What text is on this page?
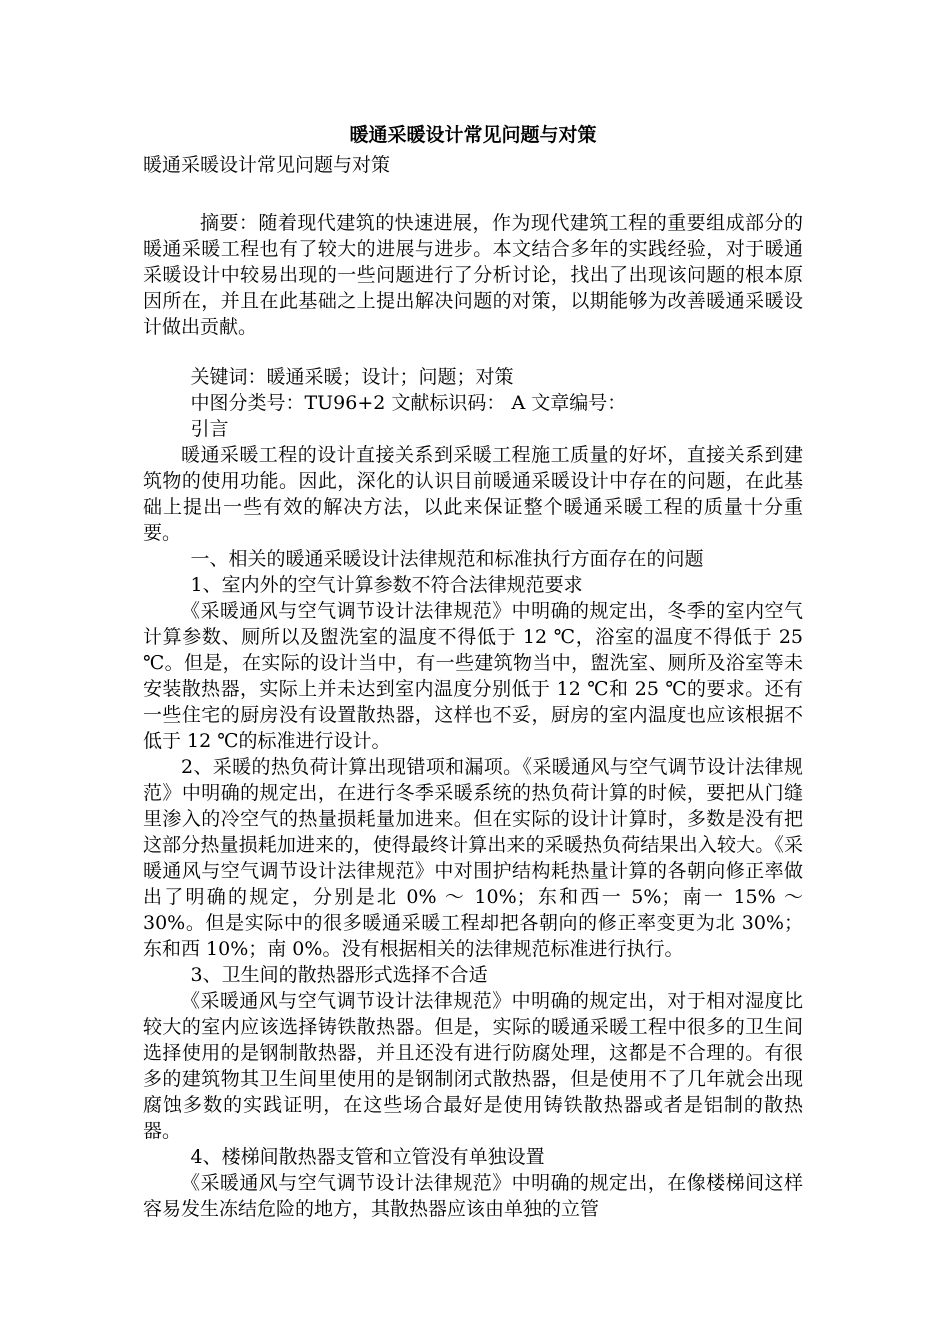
暖通采暖设计常见问题与对策
暖通采暖设计常见问题与对策

摘要：随着现代建筑的快速进展，作为现代建筑工程的重要组成部分的暖通采暖工程也有了较大的进展与进步。本文结合多年的实践经验，对于暖通采暖设计中较易出现的一些问题进行了分析讨论，找出了出现该问题的根本原因所在，并且在此基础之上提出解决问题的对策，以期能够为改善暖通采暖设计做出贡献。

关键词：暖通采暖；设计；问题；对策

中图分类号：TU96+2 文献标识码： A 文章编号：

引言

暖通采暖工程的设计直接关系到采暖工程施工质量的好坏，直接关系到建筑物的使用功能。因此，深化的认识目前暖通采暖设计中存在的问题，在此基础上提出一些有效的解决方法，以此来保证整个暖通采暖工程的质量十分重要。

一、相关的暖通采暖设计法律规范和标准执行方面存在的问题

1、室内外的空气计算参数不符合法律规范要求

《采暖通风与空气调节设计法律规范》中明确的规定出，冬季的室内空气计算参数、厕所以及盥洗室的温度不得低于 12 ℃，浴室的温度不得低于 25 ℃。但是，在实际的设计当中，有一些建筑物当中，盥洗室、厕所及浴室等未安装散热器，实际上并未达到室内温度分别低于 12 ℃和 25 ℃的要求。还有一些住宅的厨房没有设置散热器，这样也不妥，厨房的室内温度也应该根据不低于 12 ℃的标准进行设计。

2、采暖的热负荷计算出现错项和漏项。《采暖通风与空气调节设计法律规范》中明确的规定出，在进行冬季采暖系统的热负荷计算的时候，要把从门缝里渗入的冷空气的热量损耗量加进来。但在实际的设计计算时，多数是没有把这部分热量损耗加进来的，使得最终计算出来的采暖热负荷结果出入较大。《采暖通风与空气调节设计法律规范》中对围护结构耗热量计算的各朝向修正率做出了明确的规定，分别是北 0% ～ 10%；东和西一 5%；南一 15% ～30%。但是实际中的很多暖通采暖工程却把各朝向的修正率变更为北 30%；东和西 10%；南 0%。没有根据相关的法律规范标准进行执行。

3、卫生间的散热器形式选择不合适

《采暖通风与空气调节设计法律规范》中明确的规定出，对于相对湿度比较大的室内应该选择铸铁散热器。但是，实际的暖通采暖工程中很多的卫生间选择使用的是钢制散热器，并且还没有进行防腐处理，这都是不合理的。有很多的建筑物其卫生间里使用的是钢制闭式散热器，但是使用不了几年就会出现腐蚀多数的实践证明，在这些场合最好是使用铸铁散热器或者是铝制的散热器。

4、楼梯间散热器支管和立管没有单独设置

《采暖通风与空气调节设计法律规范》中明确的规定出，在像楼梯间这样容易发生冻结危险的地方，其散热器应该由单独的立管
